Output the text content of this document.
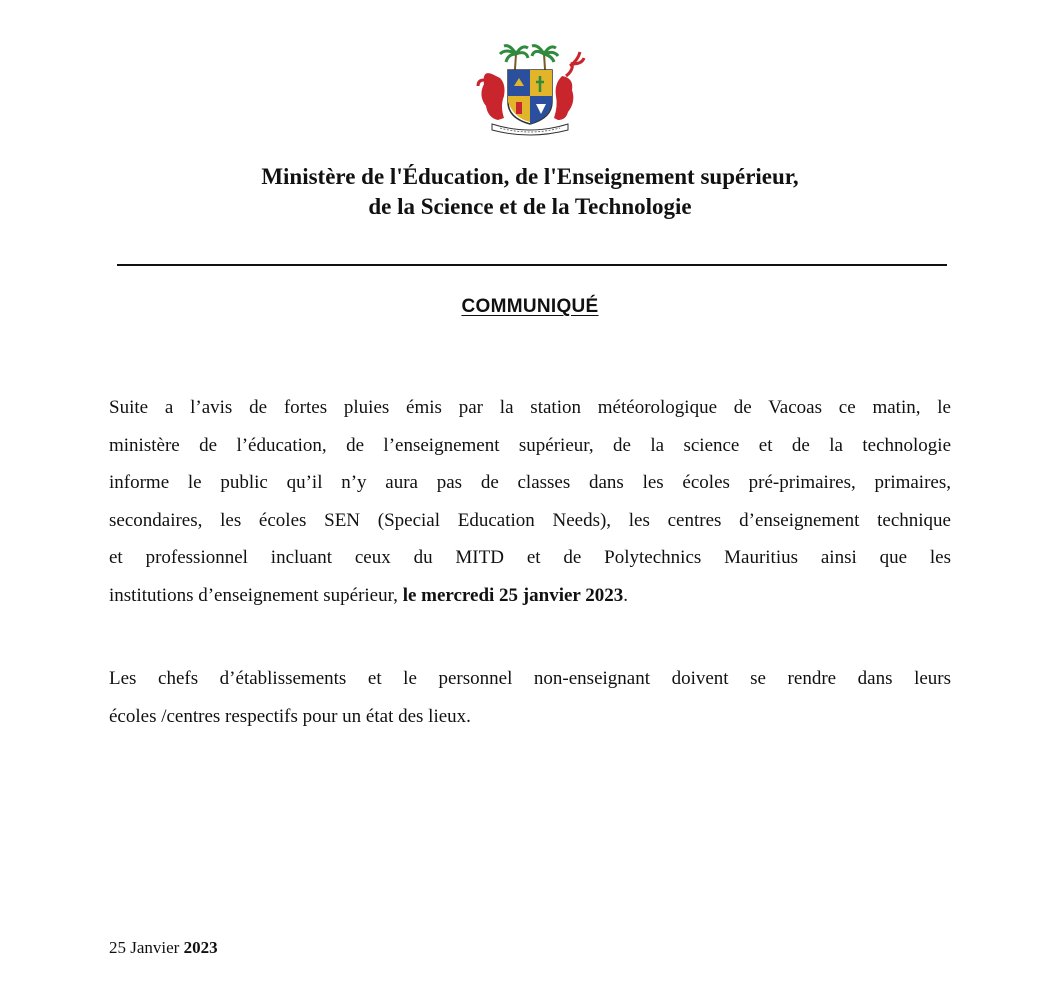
Ministère de l'Éducation, de l'Enseignement supérieur,
de la Science et de la Technologie
COMMUNIQUÉ
Suite a l’avis de fortes pluies émis par la station météorologique de Vacoas ce matin, le
ministère de l’éducation, de l’enseignement supérieur, de la science et de la technologie
informe le public qu’il n’y aura pas de classes dans les écoles pré-primaires, primaires,
secondaires, les écoles SEN (Special Education Needs), les centres d’enseignement technique
et professionnel incluant ceux du MITD et de Polytechnics Mauritius ainsi que les
institutions d’enseignement supérieur, le mercredi 25 janvier 2023.
Les chefs d’établissements et le personnel non-enseignant doivent se rendre dans leurs
écoles /centres respectifs pour un état des lieux.
25 Janvier 2023
